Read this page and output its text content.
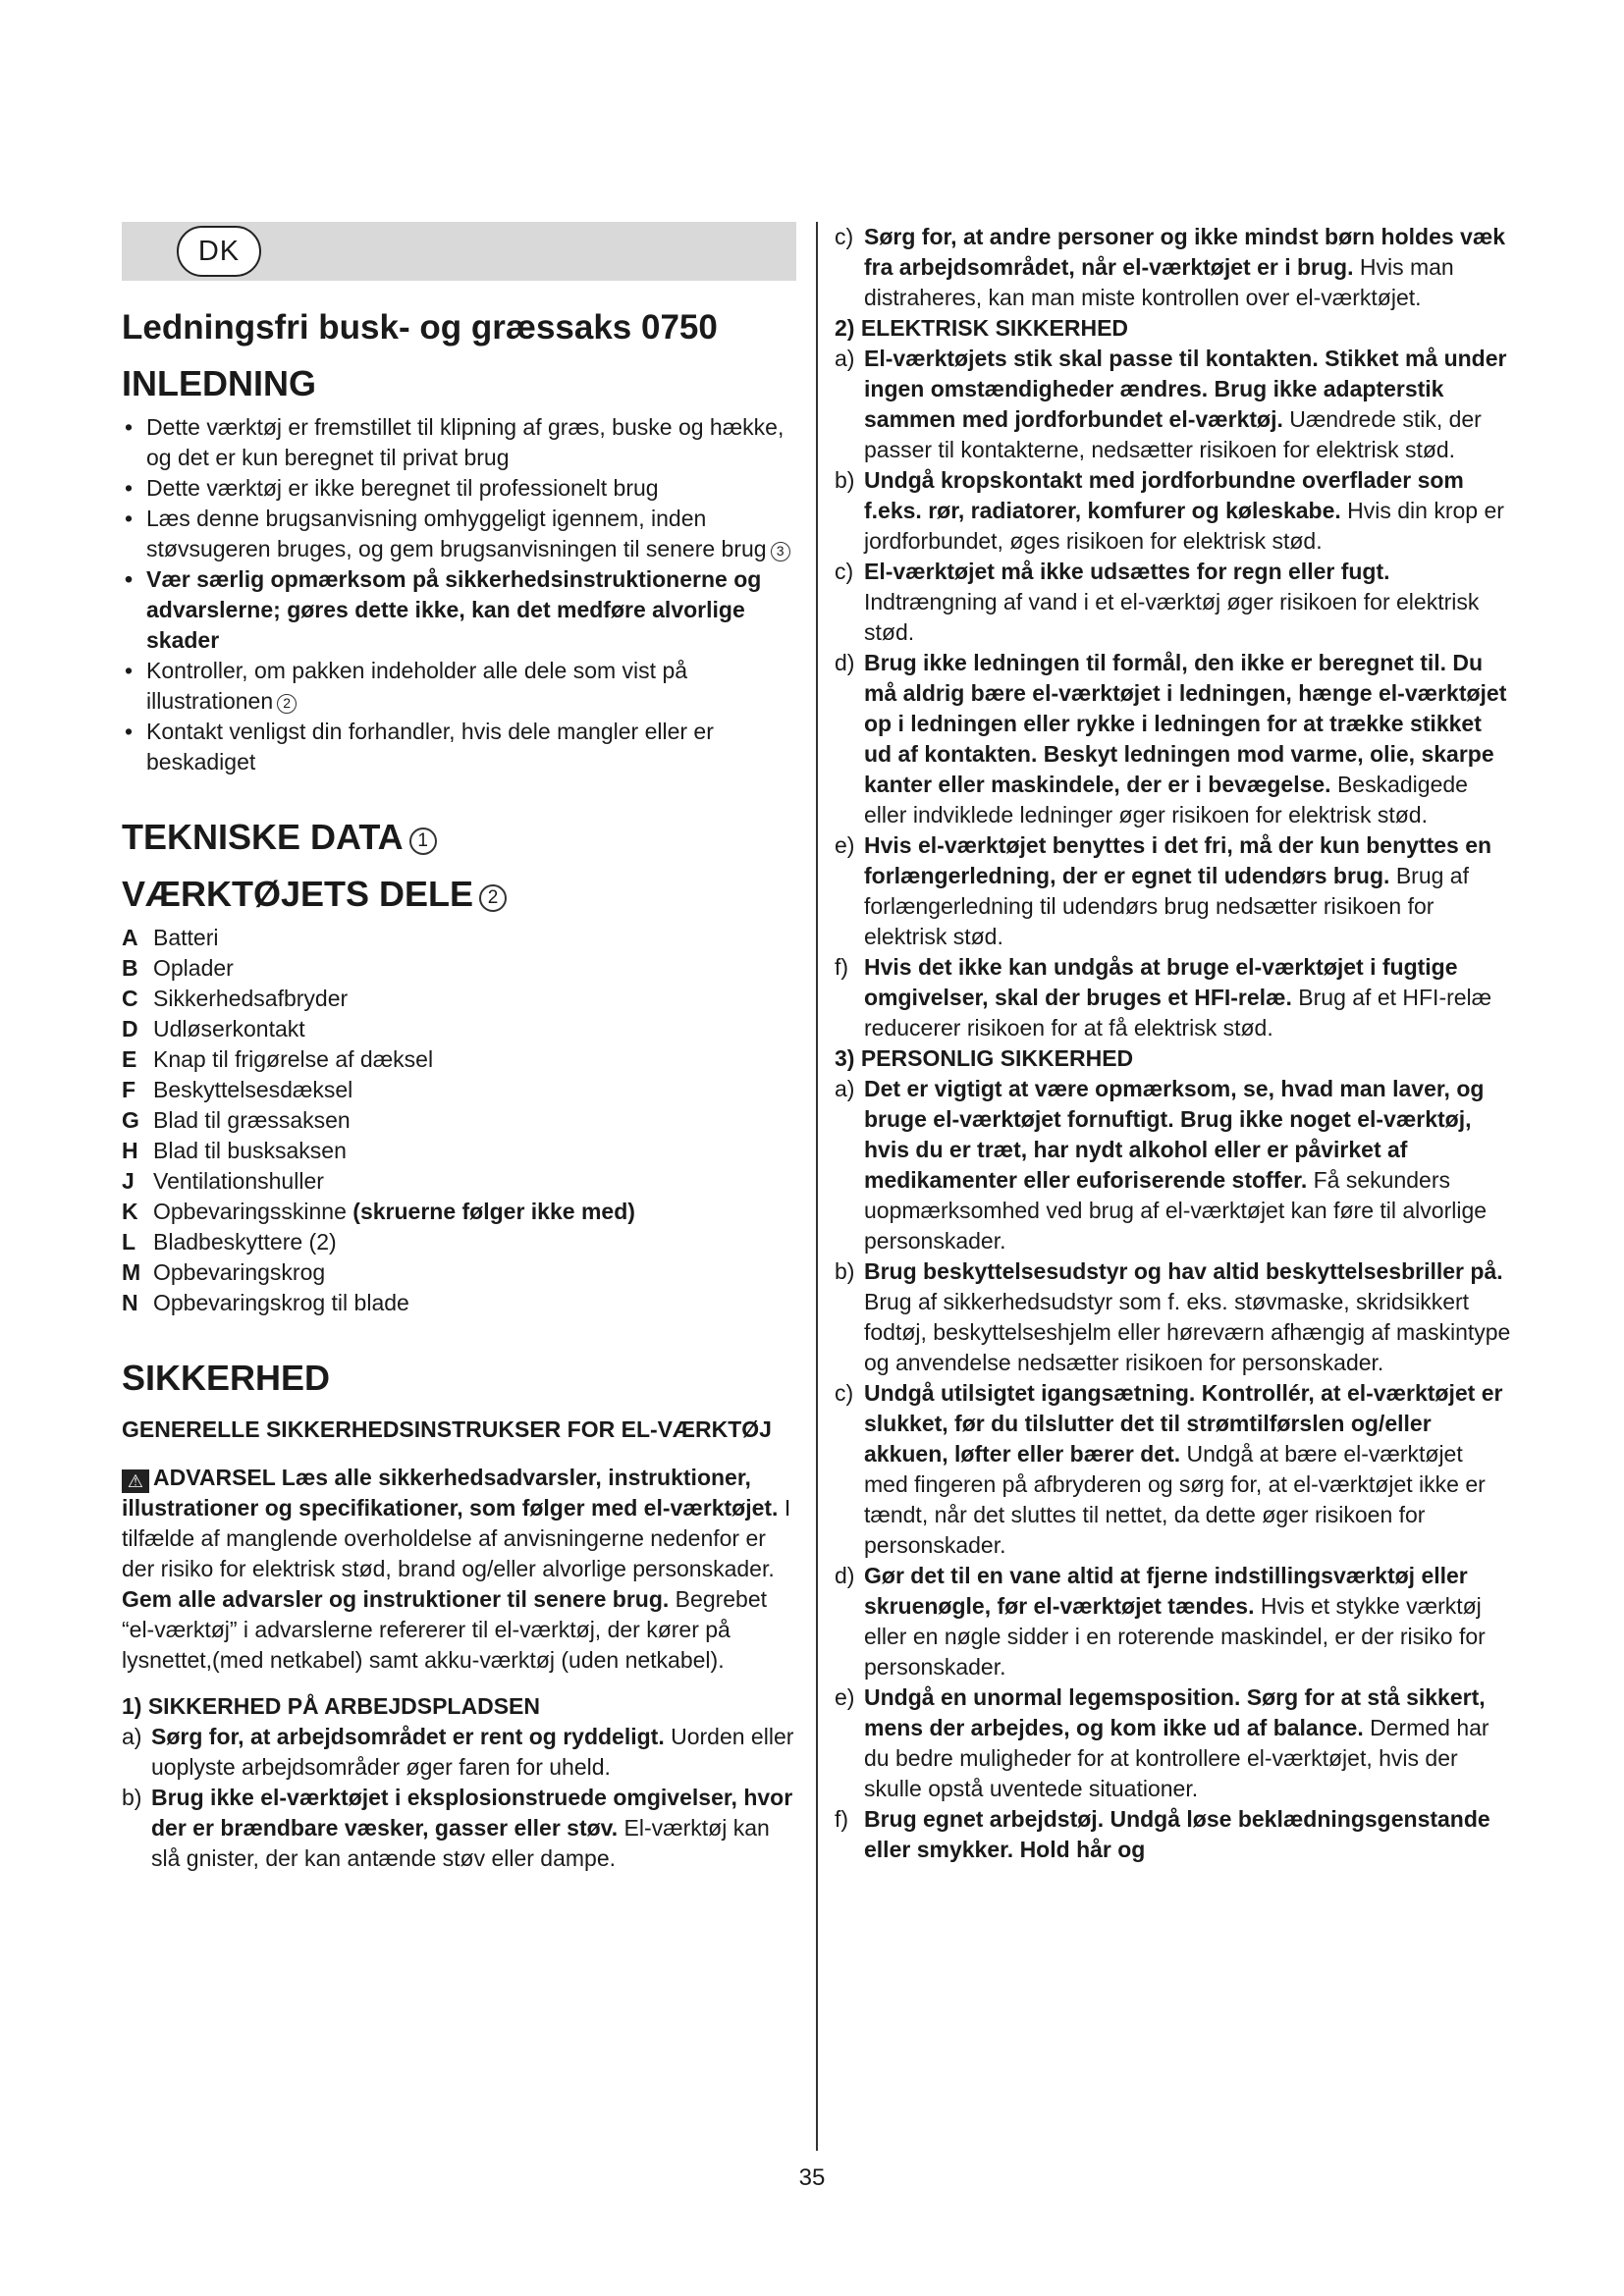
DK
Ledningsfri busk- og græssaks 0750
INLEDNING
• Dette værktøj er fremstillet til klipning af græs, buske og hække, og det er kun beregnet til privat brug
• Dette værktøj er ikke beregnet til professionelt brug
• Læs denne brugsanvisning omhyggeligt igennem, inden støvsugeren bruges, og gem brugsanvisningen til senere brug 3
• Vær særlig opmærksom på sikkerhedsinstruktionerne og advarslerne; gøres dette ikke, kan det medføre alvorlige skader
• Kontroller, om pakken indeholder alle dele som vist på illustrationen 2
• Kontakt venligst din forhandler, hvis dele mangler eller er beskadiget
TEKNISKE DATA 1
VÆRKTØJETS DELE 2
A Batteri
B Oplader
C Sikkerhedsafbryder
D Udløserkontakt
E Knap til frigørelse af dæksel
F Beskyttelsesdæksel
G Blad til græssaksen
H Blad til busksaksen
J Ventilationshuller
K Opbevaringsskinne (skruerne følger ikke med)
L Bladbeskyttere (2)
M Opbevaringskrog
N Opbevaringskrog til blade
SIKKERHED
GENERELLE SIKKERHEDSINSTRUKSER FOR EL-VÆRKTØJ

⚠ ADVARSEL Læs alle sikkerhedsadvarsler, instruktioner, illustrationer og specifikationer, som følger med el-værktøjet. I tilfælde af manglende overholdelse af anvisningerne nedenfor er der risiko for elektrisk stød, brand og/eller alvorlige personskader. Gem alle advarsler og instruktioner til senere brug. Begrebet “el-værktøj” i advarslerne refererer til el-værktøj, der kører på lysnettet,(med netkabel) samt akku-værktøj (uden netkabel).

1) SIKKERHED PÅ ARBEJDSPLADSEN
a) Sørg for, at arbejdsområdet er rent og ryddeligt. Uorden eller uoplyste arbejdsområder øger faren for uheld.
b) Brug ikke el-værktøjet i eksplosionstruede omgivelser, hvor der er brændbare væsker, gasser eller støv. El-værktøj kan slå gnister, der kan antænde støv eller dampe.
c) Sørg for, at andre personer og ikke mindst børn holdes væk fra arbejdsområdet, når el-værktøjet er i brug. Hvis man distraheres, kan man miste kontrollen over el-værktøjet.
2) ELEKTRISK SIKKERHED
a) El-værktøjets stik skal passe til kontakten. Stikket må under ingen omstændigheder ændres. Brug ikke adapterstik sammen med jordforbundet el-værktøj. Uændrede stik, der passer til kontakterne, nedsætter risikoen for elektrisk stød.
b) Undgå kropskontakt med jordforbundne overflader som f.eks. rør, radiatorer, komfurer og køleskabe. Hvis din krop er jordforbundet, øges risikoen for elektrisk stød.
c) El-værktøjet må ikke udsættes for regn eller fugt. Indtrængning af vand i et el-værktøj øger risikoen for elektrisk stød.
d) Brug ikke ledningen til formål, den ikke er beregnet til. Du må aldrig bære el-værktøjet i ledningen, hænge el-værktøjet op i ledningen eller rykke i ledningen for at trække stikket ud af kontakten. Beskyt ledningen mod varme, olie, skarpe kanter eller maskindele, der er i bevægelse. Beskadigede eller indviklede ledninger øger risikoen for elektrisk stød.
e) Hvis el-værktøjet benyttes i det fri, må der kun benyttes en forlængerledning, der er egnet til udendørs brug. Brug af forlængerledning til udendørs brug nedsætter risikoen for elektrisk stød.
f) Hvis det ikke kan undgås at bruge el-værktøjet i fugtige omgivelser, skal der bruges et HFI-relæ. Brug af et HFI-relæ reducerer risikoen for at få elektrisk stød.
3) PERSONLIG SIKKERHED
a) Det er vigtigt at være opmærksom, se, hvad man laver, og bruge el-værktøjet fornuftigt. Brug ikke noget el-værktøj, hvis du er træt, har nydt alkohol eller er påvirket af medikamenter eller euforiserende stoffer. Få sekunders uopmærksomhed ved brug af el-værktøjet kan føre til alvorlige personskader.
b) Brug beskyttelsesudstyr og hav altid beskyttelsesbriller på. Brug af sikkerhedsudstyr som f. eks. støvmaske, skridsikkert fodtøj, beskyttelseshjelm eller høreværn afhængig af maskintype og anvendelse nedsætter risikoen for personskader.
c) Undgå utilsigtet igangsætning. Kontrollér, at el-værktøjet er slukket, før du tilslutter det til strømtilførslen og/eller akkuen, løfter eller bærer det. Undgå at bære el-værktøjet med fingeren på afbryderen og sørg for, at el-værktøjet ikke er tændt, når det sluttes til nettet, da dette øger risikoen for personskader.
d) Gør det til en vane altid at fjerne indstillingsværktøj eller skruenøgle, før el-værktøjet tændes. Hvis et stykke værktøj eller en nøgle sidder i en roterende maskindel, er der risiko for personskader.
e) Undgå en unormal legemsposition. Sørg for at stå sikkert, mens der arbejdes, og kom ikke ud af balance. Dermed har du bedre muligheder for at kontrollere el-værktøjet, hvis der skulle opstå uventede situationer.
f) Brug egnet arbejdstøj. Undgå løse beklædningsgenstande eller smykker. Hold hår og
35
